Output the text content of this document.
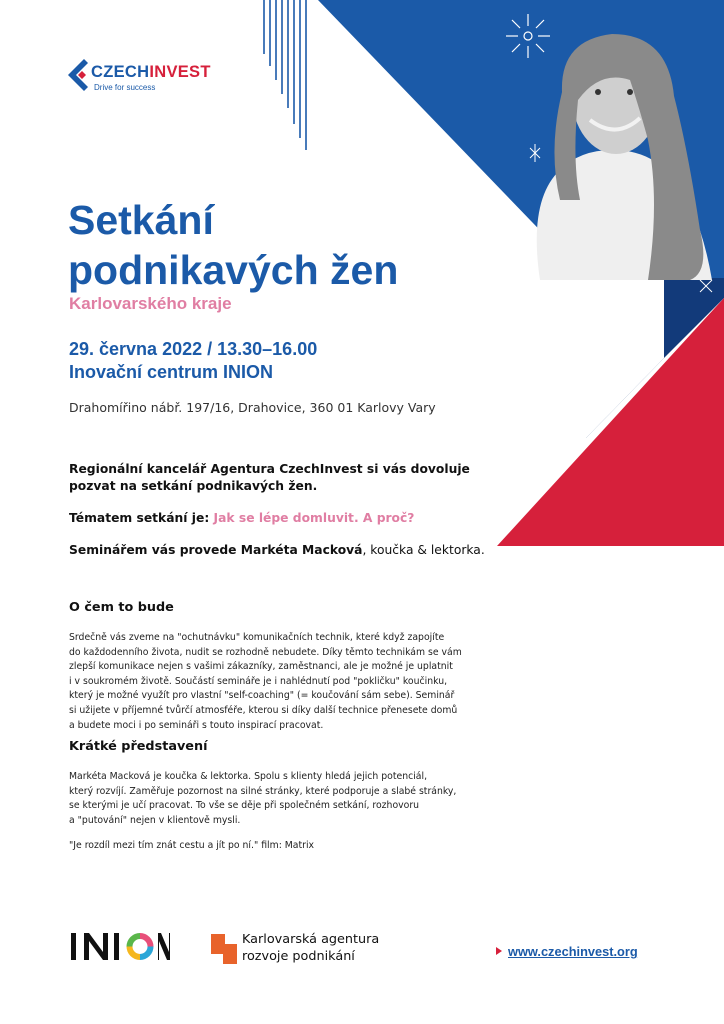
CZECHINVEST
Drive for success
Setkání
podnikavých žen
Karlovarského kraje
29. června 2022 / 13.30–16.00
Inovační centrum INION
Drahomířino nábř. 197/16, Drahovice, 360 01 Karlovy Vary
Regionální kancelář Agentura CzechInvest si vás dovoluje
pozvat na setkání podnikavých žen.
Tématem setkání je: Jak se lépe domluvit. A proč?
Seminářem vás provede Markéta Macková, koučka & lektorka.
O čem to bude
Srdečně vás zveme na "ochutnávku" komunikačních technik, které když zapojíte
do každodenního života, nudit se rozhodně nebudete. Díky těmto technikám se vám
zlepší komunikace nejen s vašimi zákazníky, zaměstnanci, ale je možné je uplatnit
i v soukromém životě. Součástí semináře je i nahlédnutí pod "pokličku" koučinku,
který je možné využít pro vlastní "self-coaching" (= koučování sám sebe). Seminář
si užijete v příjemné tvůrčí atmosféře, kterou si díky další technice přenesete domů
a budete moci i po semináři s touto inspirací pracovat.
Krátké představení
Markéta Macková je koučka & lektorka. Spolu s klienty hledá jejich potenciál,
který rozvíjí. Zaměřuje pozornost na silné stránky, které podporuje a slabé stránky,
se kterými je učí pracovat. To vše se děje při společném setkání, rozhovoru
a "putování" nejen v klientově mysli.
"Je rozdíl mezi tím znát cestu a jít po ní." film: Matrix
Karlovarská agentura
rozvoje podnikání	www.czechinvest.org
